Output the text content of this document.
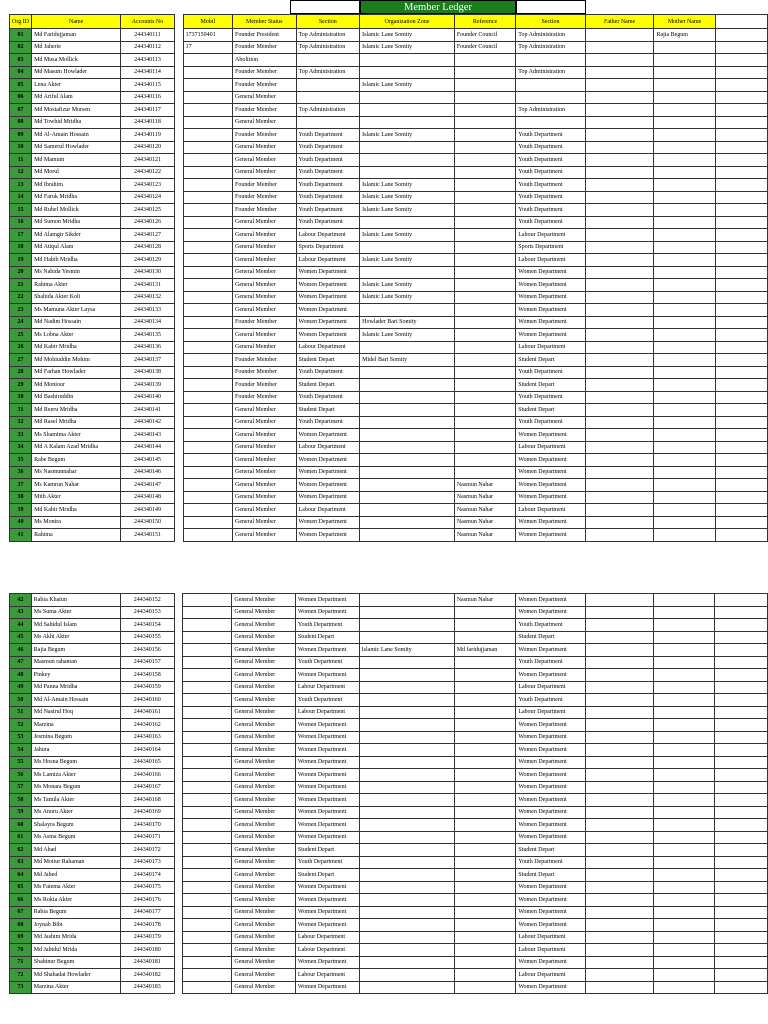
Member Ledger
Org ID	Name	Accounts No		Mobil	Member Status	Section	Organization Zone	Reference	Section	Father Name	Mother Name	
01	Md Faridujjaman	244340111		1737150401	Founder President	Top Administration	Islamic Lane Somity	Founder Council	Top Administration		Rajia Begum	
02	Md Jaherie	244340112		17	Founder Member	Top Administration	Islamic Lane Somity	Founder Council	Top Administration			
03	Md Musa Mollick	244340113			Abolition							
04	Md Masum Howlader	244340114			Founder Member	Top Administration			Top Administration			
05	Lena Akter	244340115			Founder Member		Islamic Lane Somity					
06	Md Ariful Alam	244340116			General Member							
07	Md Mostafizur Morsen	244340117			Founder Member	Top Administration			Top Administration			
08	Md Towhid Mridha	244340118			General Member							
09	Md Al-Amain Hossain	244340119			Founder Member	Youth Department	Islamic Lane Somity		Youth Department			
10	Md Samerul Howlader	244340120			General Member	Youth Department			Youth Department			
11	Md Mamum	244340121			General Member	Youth Department			Youth Department			
12	Md Morul	244340122			General Member	Youth Department			Youth Department			
13	Md Ibrahim	244340123			Founder Member	Youth Department	Islamic Lane Somity		Youth Department			
14	Md Faruk Mridha	244340124			Founder Member	Youth Department	Islamic Lane Somity		Youth Department			
15	Md Rubel Mollick	244340125			Founder Member	Youth Department	Islamic Lane Somity		Youth Department			
16	Md Sumon Mridha	244340126			General Member	Youth Department			Youth Department			
17	Md Alamgir Sikder	244340127			General Member	Labour Department	Islamic Lane Somity		Labour Department			
18	Md Atiqul Alam	244340128			General Member	Sports Department			Sports Department			
19	Md Habib Mridha	244340129			General Member	Labour Department	Islamic Lane Somity		Labour Department			
20	Ms Nahida Yesmin	244340130			General Member	Women Department			Women Department			
21	Rahima Akter	244340131			General Member	Women Department	Islamic Lane Somity		Women Department			
22	Shahida Akter Koli	244340132			General Member	Women Department	Islamic Lane Somity		Women Department			
23	Ms Mamuna Akter Laysa	244340133			General Member	Women Department			Women Department			
24	Md Nadim Hossain	244340134			Founder Member	Women Department	Howlader Bari Somity		Women Department			
25	Ms Lobna Akter	244340135			General Member	Women Department	Islamic Lane Somity		Women Department			
26	Md Kabir Mridha	244340136			General Member	Labour Department			Labour Department			
27	Md Mohiuddin Mohim	244340137			Founder Member	Student Depart	Midel Bari Somity		Student Depart			
28	Md Farhan Howlader	244340138			Founder Member	Youth Department			Youth Department			
29	Md Moniour	244340139			Founder Member	Student Depart			Student Depart			
30	Md Bashiruddin	244340140			Founder Member	Youth Department			Youth Department			
31	Md Reeru Mridha	244340141			General Member	Student Depart			Student Depart			
32	Md Rasel Mridha	244340142			General Member	Youth Department			Youth Department			
33	Ms Shamima Akter	244340143			General Member	Women Department			Women Department			
34	Md A Kalam Azad Mridha	244340144			General Member	Labour Department			Labour Department			
35	Rabe Begum	244340145			General Member	Women Department			Women Department			
36	Ms Nasmunnahar	244340146			General Member	Women Department			Women Department			
37	Ms Kamrun Nahar	244340147			General Member	Women Department		Nasmun Nahar	Women Department			
38	Mith Akter	244340148			General Member	Women Department		Nasmun Nahar	Women Department			
39	Md Kabir Mridha	244340149			General Member	Labour Department		Nasmun Nahar	Labour Department			
40	Ms Monira	244340150			General Member	Women Department		Nasmun Nahar	Women Department			
41	Rahima	244340151			General Member	Women Department		Nasmun Nahar	Women Department			
42	Rabia Khatun	244340152			General Member	Women Department		Nasmun Nahar	Women Department			
43	Ms Suma Akter	244340153			General Member	Women Department			Women Department			
44	Md Sahidul Islam	244340154			General Member	Youth Department			Youth Department			
45	Ms Akhi Akter	244340155			General Member	Student Depart			Student Depart			
46	Rajia Begum	244340156			General Member	Women Department	Islamic Lane Somity	Md faridujjaman	Women Department			
47	Masmun rahaman	244340157			General Member	Youth Department			Youth Department			
48	Pinkey	244340158			General Member	Women Department			Women Department			
49	Md Panna Mridha	244340159			General Member	Labour Department			Labour Department			
50	Md Al-Amain Hossain	244340160			General Member	Youth Department			Youth Department			
51	Md Nasirul Hoq	244340161			General Member	Labour Department			Labour Department			
52	Marzina	244340162			General Member	Women Department			Women Department			
53	Jesmina Begum	244340163			General Member	Women Department			Women Department			
54	Jahura	244340164			General Member	Women Department			Women Department			
55	Ms Hosna Begum	244340165			General Member	Women Department			Women Department			
56	Ms Lamiza Akter	244340166			General Member	Women Department			Women Department			
57	Ms Monara Begum	244340167			General Member	Women Department			Women Department			
58	Ms Tamila Akter	244340168			General Member	Women Department			Women Department			
59	Ms Anuru Akter	244340169			General Member	Women Department			Women Department			
60	Shalayra Begum	244340170			General Member	Women Department			Women Department			
61	Ms Asma Begum	244340171			General Member	Women Department			Women Department			
62	Md Ahad	244340172			General Member	Student Depart			Student Depart			
63	Md Motiur Rahaman	244340173			General Member	Youth Department			Youth Department			
64	Md Jahed	244340174			General Member	Student Depart			Student Depart			
65	Ms Fatema Akter	244340175			General Member	Women Department			Women Department			
66	Ms Rokia Akter	244340176			General Member	Women Department			Women Department			
67	Rabia Begum	244340177			General Member	Women Department			Women Department			
68	Joynab Bibi	244340178			General Member	Women Department			Women Department			
69	Md Jashim Mrida	244340179			General Member	Labour Department			Labour Department			
70	Md Jahidul Mrida	244340180			General Member	Labour Department			Labour Department			
71	Shahinur Begum	244340181			General Member	Women Department			Women Department			
72	Md Shahadat Howlader	244340182			General Member	Labour Department			Labour Department			
73	Marzina Akter	244340183			General Member	Women Department			Women Department			
